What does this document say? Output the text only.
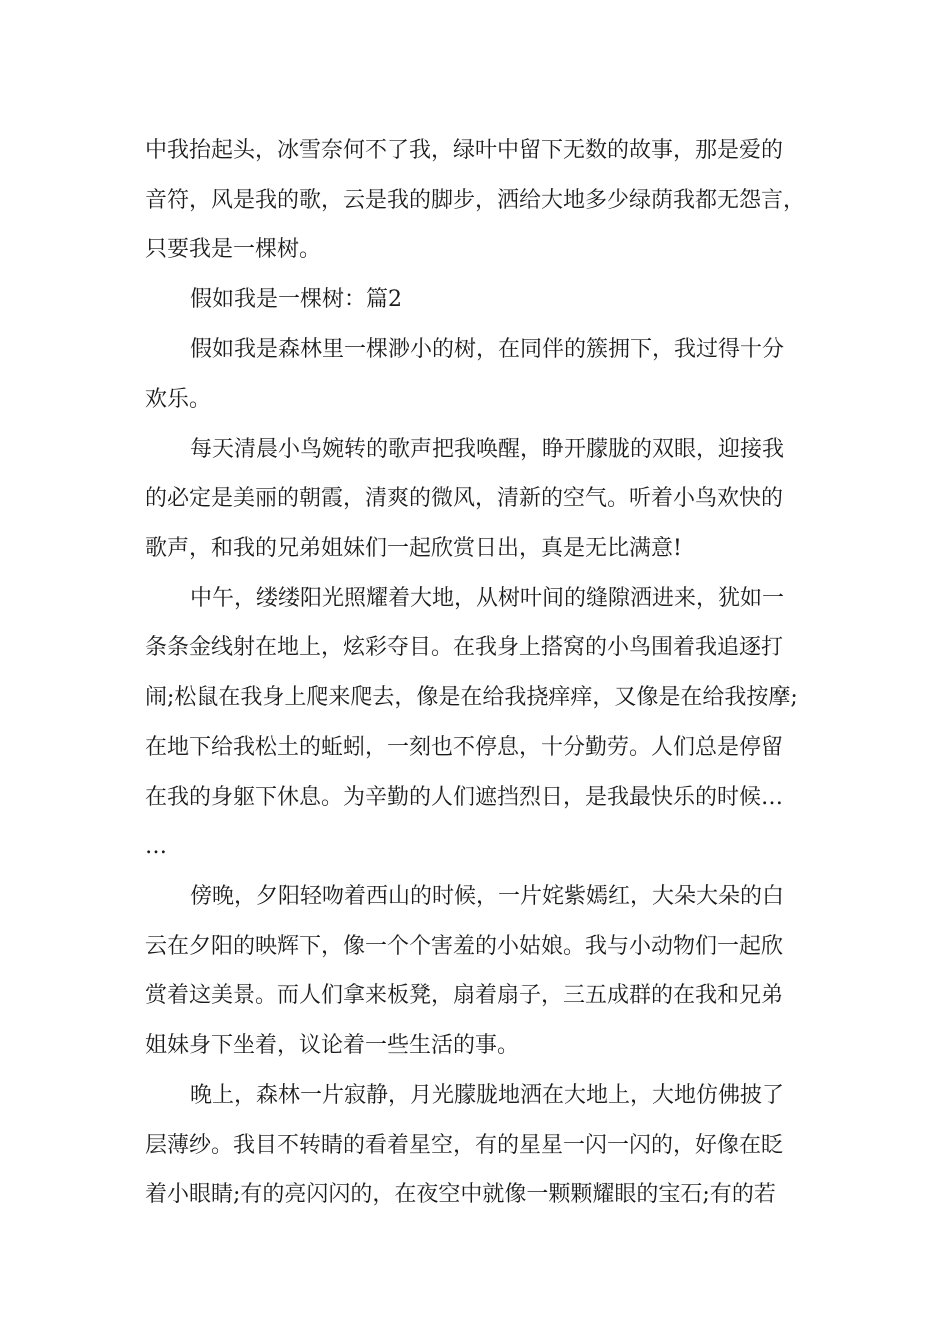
中我抬起头，冰雪奈何不了我，绿叶中留下无数的故事，那是爱的
音符，风是我的歌，云是我的脚步，洒给大地多少绿荫我都无怨言，
只要我是一棵树。
假如我是一棵树：篇2
假如我是森林里一棵渺小的树，在同伴的簇拥下，我过得十分
欢乐。
每天清晨小鸟婉转的歌声把我唤醒，睁开朦胧的双眼，迎接我
的必定是美丽的朝霞，清爽的微风，清新的空气。听着小鸟欢快的
歌声，和我的兄弟姐妹们一起欣赏日出，真是无比满意!
中午，缕缕阳光照耀着大地，从树叶间的缝隙洒进来，犹如一
条条金线射在地上，炫彩夺目。在我身上搭窝的小鸟围着我追逐打
闹;松鼠在我身上爬来爬去，像是在给我挠痒痒，又像是在给我按摩;
在地下给我松土的蚯蚓，一刻也不停息，十分勤劳。人们总是停留
在我的身躯下休息。为辛勤的人们遮挡烈日，是我最快乐的时候…
…
傍晚，夕阳轻吻着西山的时候，一片姹紫嫣红，大朵大朵的白
云在夕阳的映辉下，像一个个害羞的小姑娘。我与小动物们一起欣
赏着这美景。而人们拿来板凳，扇着扇子，三五成群的在我和兄弟
姐妹身下坐着，议论着一些生活的事。
晚上，森林一片寂静，月光朦胧地洒在大地上，大地仿佛披了
层薄纱。我目不转睛的看着星空，有的星星一闪一闪的，好像在眨
着小眼睛;有的亮闪闪的，在夜空中就像一颗颗耀眼的宝石;有的若
